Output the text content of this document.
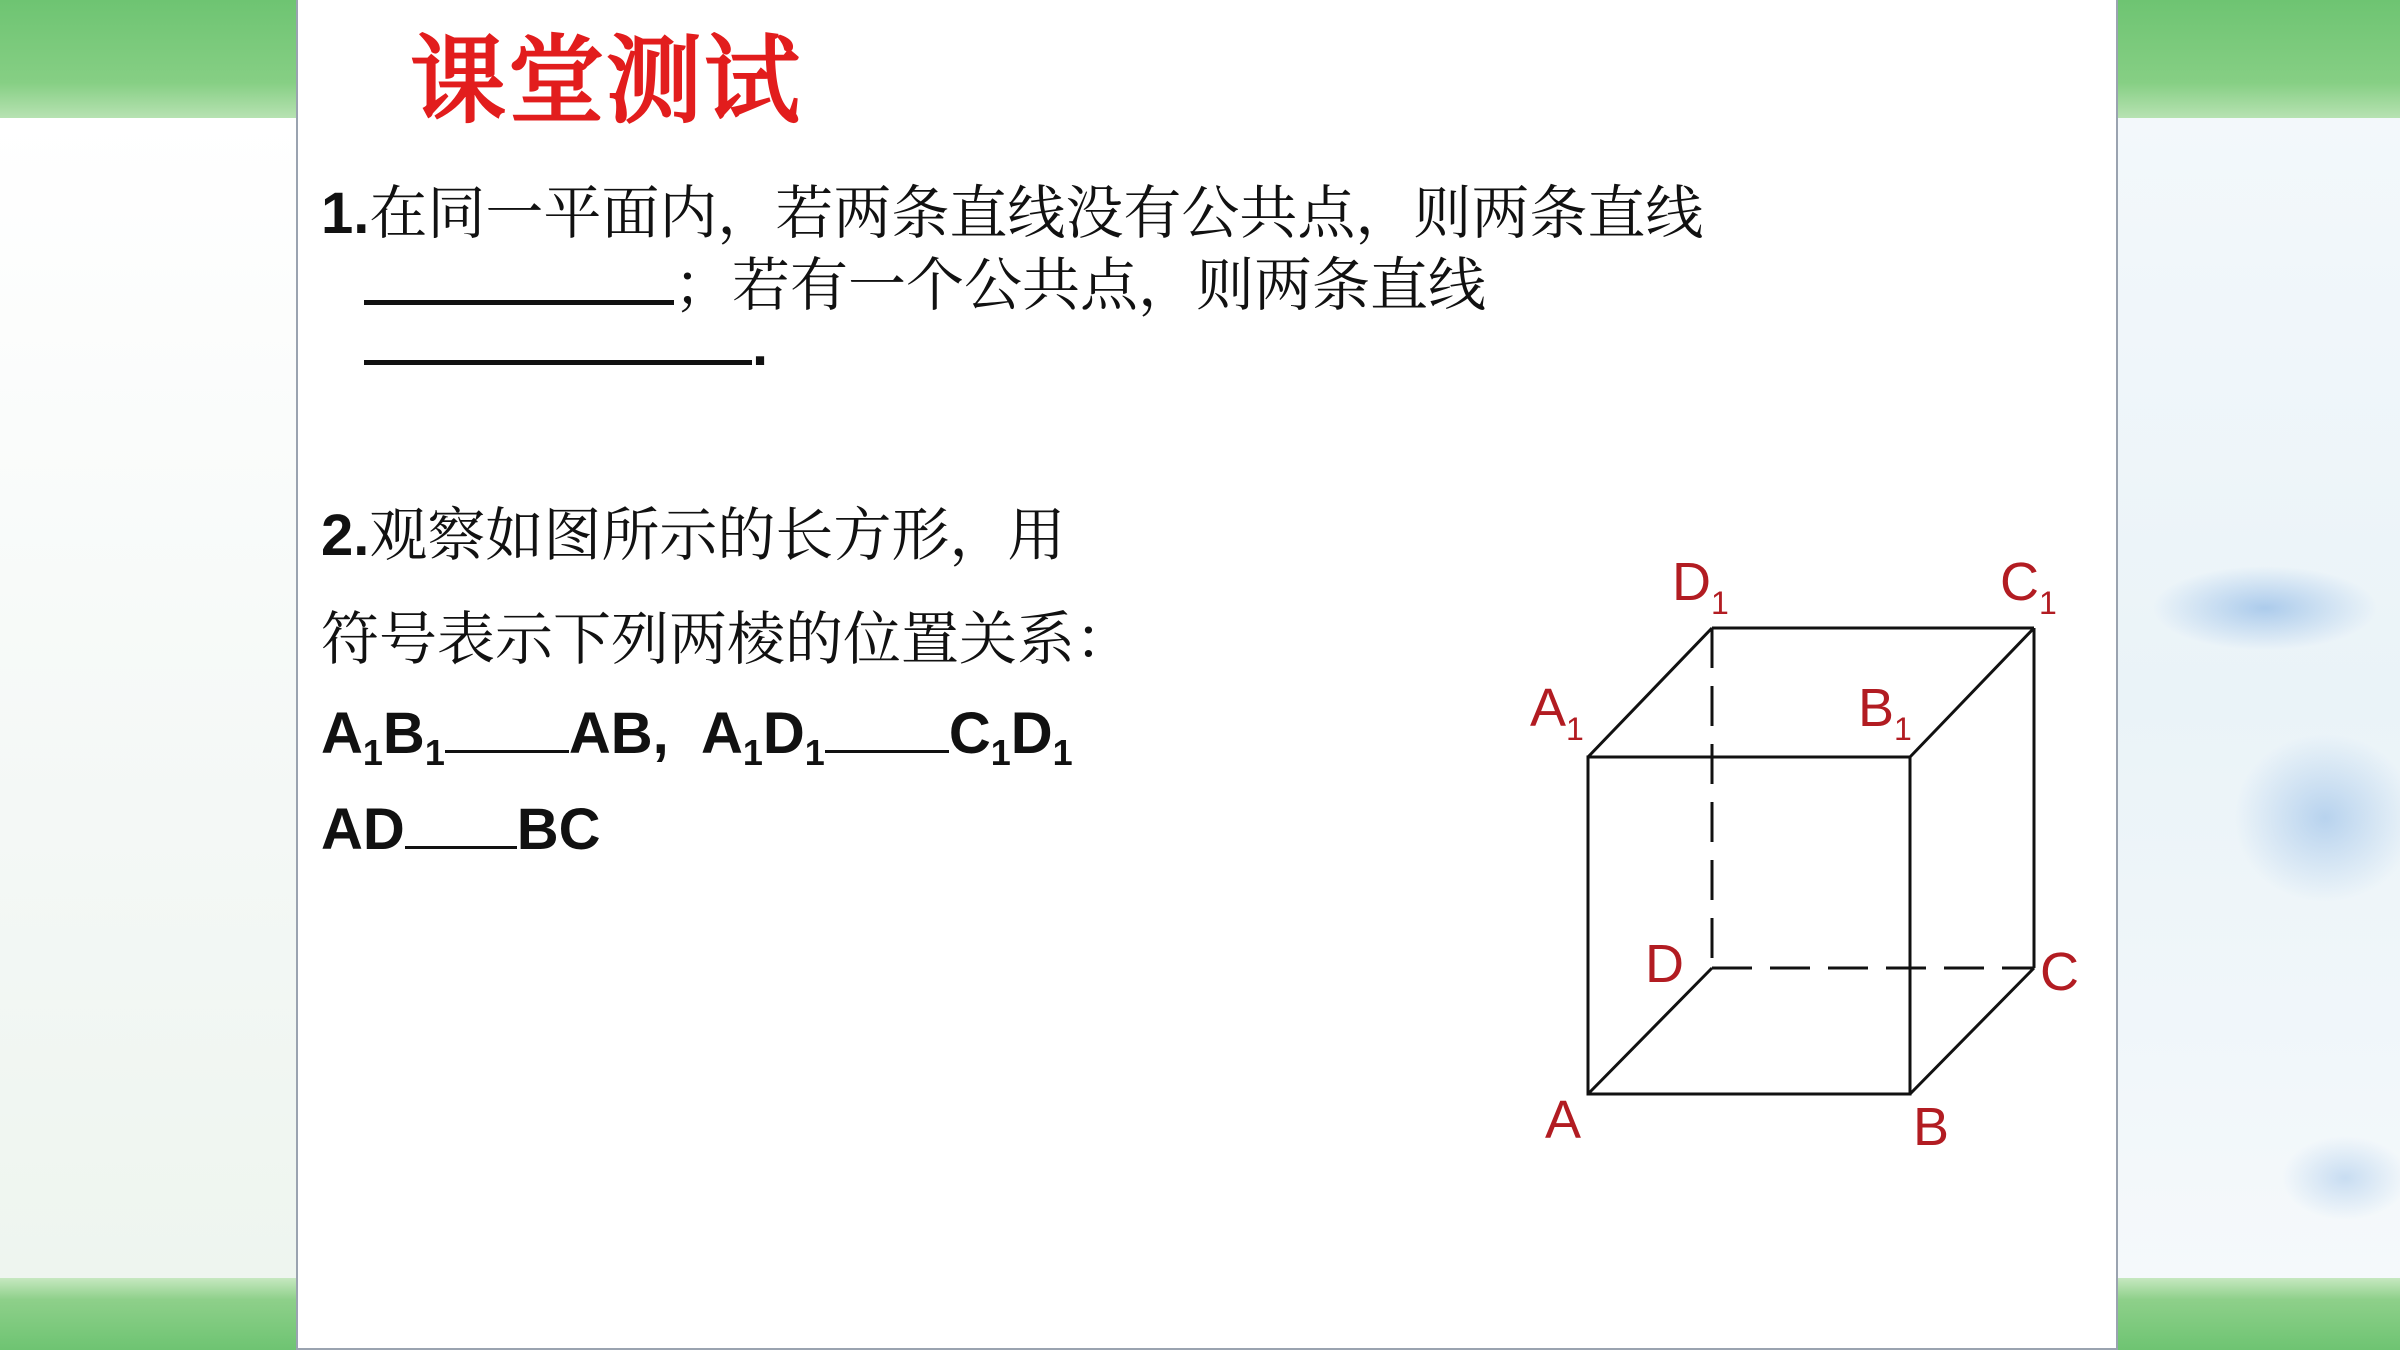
课堂测试
1.在同一平面内，若两条直线没有公共点，则两条直线
；若有一个公共点，则两条直线
.
2.观察如图所示的长方形，用
符号表示下列两棱的位置关系：
$A_1B_1$ AB, $A_1D_1$ $C_1D_1$
AD BC
$D_1$	$C_1$
$A_1$	$B_1$
D	C
A	B
